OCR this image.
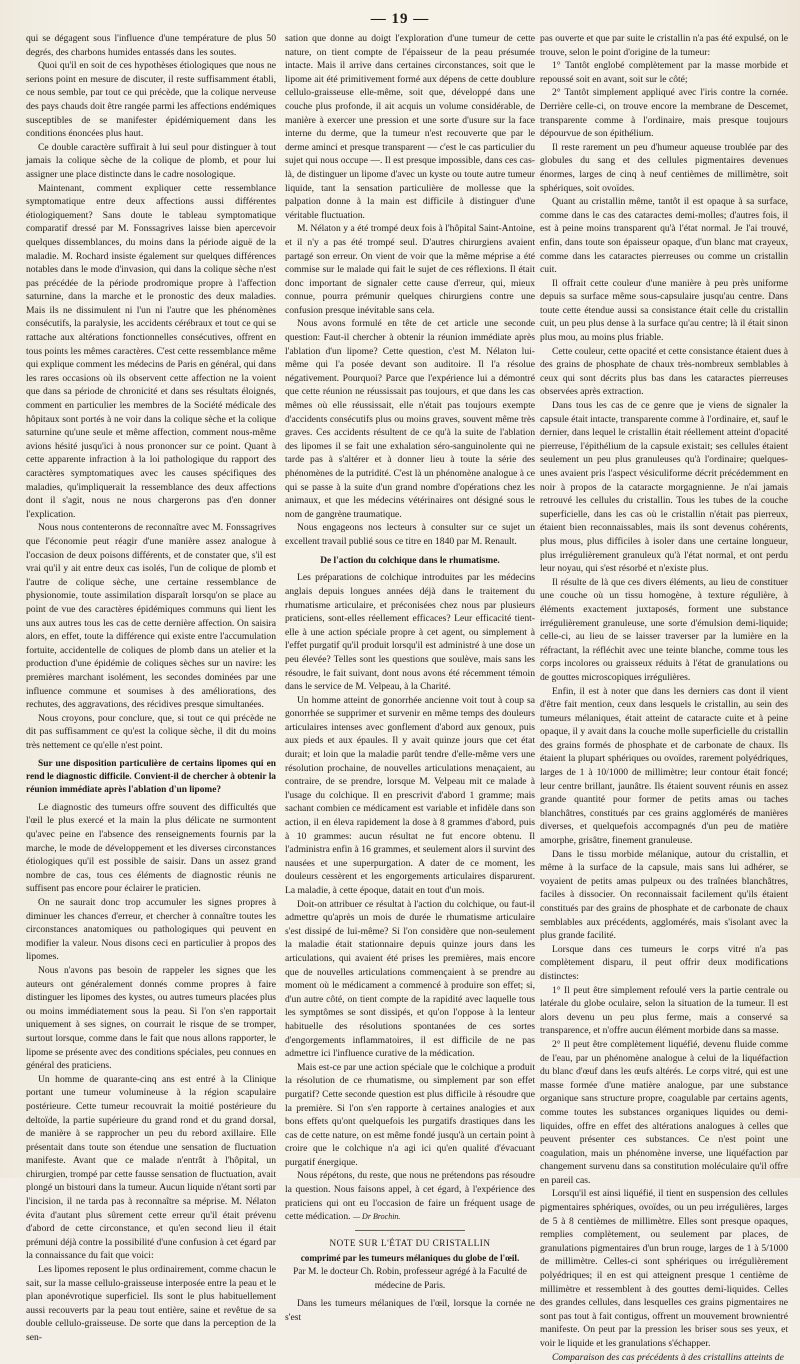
— 19 —

qui se dégagent sous l'influence d'une température de plus 50 degrés, des charbons humides entassés dans les soutes.

Quoi qu'il en soit de ces hypothèses étiologiques que nous ne serions point en mesure de discuter, il reste suffisamment établi, ce nous semble, par tout ce qui précède, que la colique nerveuse des pays chauds doit être rangée parmi les affections endémiques susceptibles de se manifester épidémiquement dans les conditions énoncées plus haut.

Ce double caractère suffirait à lui seul pour distinguer à tout jamais la colique sèche de la colique de plomb, et pour lui assigner une place distincte dans le cadre nosologique.

Maintenant, comment expliquer cette ressemblance symptomatique entre deux affections aussi différentes étiologiquement? Sans doute le tableau symptomatique comparatif dressé par M. Fonssagrives laisse bien apercevoir quelques dissemblances, du moins dans la période aiguë de la maladie. M. Rochard insiste également sur quelques différences notables dans le mode d'invasion, qui dans la colique sèche n'est pas précédée de la période prodromique propre à l'affection saturnine, dans la marche et le pronostic des deux maladies. Mais ils ne dissimulent ni l'un ni l'autre que les phénomènes consécutifs, la paralysie, les accidents cérébraux et tout ce qui se rattache aux altérations fonctionnelles consécutives, offrent en tous points les mêmes caractères. C'est cette ressemblance même qui explique comment les médecins de Paris en général, qui dans les rares occasions où ils observent cette affection ne la voient que dans sa période de chronicité et dans ses résultats éloignés, comment en particulier les membres de la Société médicale des hôpitaux sont portés à ne voir dans la colique sèche et la colique saturnine qu'une seule et même affection, comment nous-même avions hésité jusqu'ici à nous prononcer sur ce point. Quant à cette apparente infraction à la loi pathologique du rapport des caractères symptomatiques avec les causes spécifiques des maladies, qu'impliquerait la ressemblance des deux affections dont il s'agit, nous ne nous chargerons pas d'en donner l'explication.

Nous nous contenterons de reconnaître avec M. Fonssagrives que l'économie peut réagir d'une manière assez analogue à l'occasion de deux poisons différents, et de constater que, s'il est vrai qu'il y ait entre deux cas isolés, l'un de colique de plomb et l'autre de colique sèche, une certaine ressemblance de physionomie, toute assimilation disparaît lorsqu'on se place au point de vue des caractères épidémiques communs qui lient les uns aux autres tous les cas de cette dernière affection. On saisira alors, en effet, toute la différence qui existe entre l'accumulation fortuite, accidentelle de coliques de plomb dans un atelier et la production d'une épidémie de coliques sèches sur un navire: les premières marchant isolément, les secondes dominées par une influence commune et soumises à des améliorations, des rechutes, des aggravations, des récidives presque simultanées.

Nous croyons, pour conclure, que, si tout ce qui précède ne dit pas suffisamment ce qu'est la colique sèche, il dit du moins très nettement ce qu'elle n'est point.

Sur une disposition particulière de certains lipomes qui en rend le diagnostic difficile. Convient-il de chercher à obtenir la réunion immédiate après l'ablation d'un lipome?

Le diagnostic des tumeurs offre souvent des difficultés que l'œil le plus exercé et la main la plus délicate ne surmontent qu'avec peine en l'absence des renseignements fournis par la marche, le mode de développement et les diverses circonstances étiologiques qu'il est possible de saisir. Dans un assez grand nombre de cas, tous ces éléments de diagnostic réunis ne suffisent pas encore pour éclairer le praticien.

On ne saurait donc trop accumuler les signes propres à diminuer les chances d'erreur, et chercher à connaître toutes les circonstances anatomiques ou pathologiques qui peuvent en modifier la valeur. Nous disons ceci en particulier à propos des lipomes.

Nous n'avons pas besoin de rappeler les signes que les auteurs ont généralement donnés comme propres à faire distinguer les lipomes des kystes, ou autres tumeurs placées plus ou moins immédiatement sous la peau. Si l'on s'en rapportait uniquement à ses signes, on courrait le risque de se tromper, surtout lorsque, comme dans le fait que nous allons rapporter, le lipome se présente avec des conditions spéciales, peu connues en général des praticiens.

Un homme de quarante-cinq ans est entré à la Clinique portant une tumeur volumineuse à la région scapulaire postérieure. Cette tumeur recouvrait la moitié postérieure du deltoïde, la partie supérieure du grand rond et du grand dorsal, de manière à se rapprocher un peu du rebord axillaire. Elle présentait dans toute son étendue une sensation de fluctuation manifeste. Avant que ce malade n'entrât à l'hôpital, un chirurgien, trompé par cette fausse sensation de fluctuation, avait plongé un bistouri dans la tumeur. Aucun liquide n'étant sorti par l'incision, il ne tarda pas à reconnaître sa méprise. M. Nélaton évita d'autant plus sûrement cette erreur qu'il était prévenu d'abord de cette circonstance, et qu'en second lieu il était prémuni déjà contre la possibilité d'une confusion à cet égard par la connaissance du fait que voici:

Les lipomes reposent le plus ordinairement, comme chacun le sait, sur la masse cellulo-graisseuse interposée entre la peau et le plan aponévrotique superficiel. Ils sont le plus habituellement aussi recouverts par la peau tout entière, saine et revêtue de sa double cellulo-graisseuse. De sorte que dans la perception de la sen-

sation que donne au doigt l'exploration d'une tumeur de cette nature, on tient compte de l'épaisseur de la peau présumée intacte. Mais il arrive dans certaines circonstances, soit que le lipome ait été primitivement formé aux dépens de cette doublure cellulo-graisseuse elle-même, soit que, développé dans une couche plus profonde, il ait acquis un volume considérable, de manière à exercer une pression et une sorte d'usure sur la face interne du derme, que la tumeur n'est recouverte que par le derme aminci et presque transparent — c'est le cas particulier du sujet qui nous occupe —. Il est presque impossible, dans ces cas-là, de distinguer un lipome d'avec un kyste ou toute autre tumeur liquide, tant la sensation particulière de mollesse que la palpation donne à la main est difficile à distinguer d'une véritable fluctuation.

M. Nélaton y a été trompé deux fois à l'hôpital Saint-Antoine, et il n'y a pas été trompé seul. D'autres chirurgiens avaient partagé son erreur. On vient de voir que la même méprise a été commise sur le malade qui fait le sujet de ces réflexions. Il était donc important de signaler cette cause d'erreur, qui, mieux connue, pourra prémunir quelques chirurgiens contre une confusion presque inévitable sans cela.

Nous avons formulé en tête de cet article une seconde question: Faut-il chercher à obtenir la réunion immédiate après l'ablation d'un lipome? Cette question, c'est M. Nélaton lui-même qui l'a posée devant son auditoire. Il l'a résolue négativement. Pourquoi? Parce que l'expérience lui a démontré que cette réunion ne réussissait pas toujours, et que dans les cas mêmes où elle réussissait, elle n'était pas toujours exempte d'accidents consécutifs plus ou moins graves, souvent même très graves. Ces accidents résultent de ce qu'à la suite de l'ablation des lipomes il se fait une exhalation séro-sanguinolente qui ne tarde pas à s'altérer et à donner lieu à toute la série des phénomènes de la putridité. C'est là un phénomène analogue à ce qui se passe à la suite d'un grand nombre d'opérations chez les animaux, et que les médecins vétérinaires ont désigné sous le nom de gangrène traumatique.

Nous engageons nos lecteurs à consulter sur ce sujet un excellent travail publié sous ce titre en 1840 par M. Renault.

De l'action du colchique dans le rhumatisme.

Les préparations de colchique introduites par les médecins anglais depuis longues années déjà dans le traitement du rhumatisme articulaire, et préconisées chez nous par plusieurs praticiens, sont-elles réellement efficaces? Leur efficacité tient-elle à une action spéciale propre à cet agent, ou simplement à l'effet purgatif qu'il produit lorsqu'il est administré à une dose un peu élevée? Telles sont les questions que soulève, mais sans les résoudre, le fait suivant, dont nous avons été récemment témoin dans le service de M. Velpeau, à la Charité.

Un homme atteint de gonorrhée ancienne voit tout à coup sa gonorrhée se supprimer et survenir en même temps des douleurs articulaires intenses avec gonflement d'abord aux genoux, puis aux pieds et aux épaules. Il y avait quinze jours que cet état durait; et loin que la maladie parût tendre d'elle-même vers une résolution prochaine, de nouvelles articulations menaçaient, au contraire, de se prendre, lorsque M. Velpeau mit ce malade à l'usage du colchique. Il en prescrivit d'abord 1 gramme; mais sachant combien ce médicament est variable et infidèle dans son action, il en éleva rapidement la dose à 8 grammes d'abord, puis à 10 grammes: aucun résultat ne fut encore obtenu. Il l'administra enfin à 16 grammes, et seulement alors il survint des nausées et une superpurgation. A dater de ce moment, les douleurs cessèrent et les engorgements articulaires disparurent. La maladie, à cette époque, datait en tout d'un mois.

Doit-on attribuer ce résultat à l'action du colchique, ou faut-il admettre qu'après un mois de durée le rhumatisme articulaire s'est dissipé de lui-même? Si l'on considère que non-seulement la maladie était stationnaire depuis quinze jours dans les articulations, qui avaient été prises les premières, mais encore que de nouvelles articulations commençaient à se prendre au moment où le médicament a commencé à produire son effet; si, d'un autre côté, on tient compte de la rapidité avec laquelle tous les symptômes se sont dissipés, et qu'on l'oppose à la lenteur habituelle des résolutions spontanées de ces sortes d'engorgements inflammatoires, il est difficile de ne pas admettre ici l'influence curative de la médication.

Mais est-ce par une action spéciale que le colchique a produit la résolution de ce rhumatisme, ou simplement par son effet purgatif? Cette seconde question est plus difficile à résoudre que la première. Si l'on s'en rapporte à certaines analogies et aux bons effets qu'ont quelquefois les purgatifs drastiques dans les cas de cette nature, on est même fondé jusqu'à un certain point à croire que le colchique n'a agi ici qu'en qualité d'évacuant purgatif énergique.

Nous répétons, du reste, que nous ne prétendons pas résoudre la question. Nous faisons appel, à cet égard, à l'expérience des praticiens qui ont eu l'occasion de faire un fréquent usage de cette médication. — Dr Brochin.

NOTE SUR L'ÉTAT DU CRISTALLIN
comprimé par les tumeurs mélaniques du globe de l'œil.
Par M. le docteur Ch. Robin, professeur agrégé à la Faculté de médecine de Paris.

Dans les tumeurs mélaniques de l'œil, lorsque la cornée ne s'est

pas ouverte et que par suite le cristallin n'a pas été expulsé, on le trouve, selon le point d'origine de la tumeur:

1° Tantôt englobé complètement par la masse morbide et repoussé soit en avant, soit sur le côté;

2° Tantôt simplement appliqué avec l'iris contre la cornée. Derrière celle-ci, on trouve encore la membrane de Descemet, transparente comme à l'ordinaire, mais presque toujours dépourvue de son épithélium.

Il reste rarement un peu d'humeur aqueuse troublée par des globules du sang et des cellules pigmentaires devenues énormes, larges de cinq à neuf centièmes de millimètre, soit sphériques, soit ovoïdes.

Quant au cristallin même, tantôt il est opaque à sa surface, comme dans le cas des cataractes demi-molles; d'autres fois, il est à peine moins transparent qu'à l'état normal. Je l'ai trouvé, enfin, dans toute son épaisseur opaque, d'un blanc mat crayeux, comme dans les cataractes pierreuses ou comme un cristallin cuit.

Il offrait cette couleur d'une manière à peu près uniforme depuis sa surface même sous-capsulaire jusqu'au centre. Dans toute cette étendue aussi sa consistance était celle du cristallin cuit, un peu plus dense à la surface qu'au centre; là il était sinon plus mou, au moins plus friable.

Cette couleur, cette opacité et cette consistance étaient dues à des grains de phosphate de chaux très-nombreux semblables à ceux qui sont décrits plus bas dans les cataractes pierreuses observées après extraction.

Dans tous les cas de ce genre que je viens de signaler la capsule était intacte, transparente comme à l'ordinaire, et, sauf le dernier, dans lequel le cristallin était réellement atteint d'opacité pierreuse, l'épithélium de la capsule existait; ses cellules étaient seulement un peu plus granuleuses qu'à l'ordinaire; quelques-unes avaient pris l'aspect vésiculiforme décrit précédemment en noir à propos de la cataracte morgagnienne. Je n'ai jamais retrouvé les cellules du cristallin. Tous les tubes de la couche superficielle, dans les cas où le cristallin n'était pas pierreux, étaient bien reconnaissables, mais ils sont devenus cohérents, plus mous, plus difficiles à isoler dans une certaine longueur, plus irrégulièrement granuleux qu'à l'état normal, et ont perdu leur noyau, qui s'est résorbé et n'existe plus.

Il résulte de là que ces divers éléments, au lieu de constituer une couche où un tissu homogène, à texture régulière, à éléments exactement juxtaposés, forment une substance irrégulièrement granuleuse, une sorte d'émulsion demi-liquide; celle-ci, au lieu de se laisser traverser par la lumière en la réfractant, la réfléchit avec une teinte blanche, comme tous les corps incolores ou graisseux réduits à l'état de granulations ou de gouttes microscopiques irrégulières.

Enfin, il est à noter que dans les derniers cas dont il vient d'être fait mention, ceux dans lesquels le cristallin, au sein des tumeurs mélaniques, était atteint de cataracte cuite et à peine opaque, il y avait dans la couche molle superficielle du cristallin des grains formés de phosphate et de carbonate de chaux. Ils étaient la plupart sphériques ou ovoïdes, rarement polyédriques, larges de 1 à 10/1000 de millimètre; leur contour était foncé; leur centre brillant, jaunâtre. Ils étaient souvent réunis en assez grande quantité pour former de petits amas ou taches blanchâtres, constitués par ces grains agglomérés de manières diverses, et quelquefois accompagnés d'un peu de matière amorphe, grisâtre, finement granuleuse.

Dans le tissu morbide mélanique, autour du cristallin, et même à la surface de la capsule, mais sans lui adhérer, se voyaient de petits amas pulpeux ou des traînées blanchâtres, faciles à dissocier. On reconnaissait facilement qu'ils étaient constitués par des grains de phosphate et de carbonate de chaux semblables aux précédents, agglomérés, mais s'isolant avec la plus grande facilité.

Lorsque dans ces tumeurs le corps vitré n'a pas complètement disparu, il peut offrir deux modifications distinctes:

1° Il peut être simplement refoulé vers la partie centrale ou latérale du globe oculaire, selon la situation de la tumeur. Il est alors devenu un peu plus ferme, mais a conservé sa transparence, et n'offre aucun élément morbide dans sa masse.

2° Il peut être complètement liquéfié, devenu fluide comme de l'eau, par un phénomène analogue à celui de la liquéfaction du blanc d'œuf dans les œufs altérés. Le corps vitré, qui est une masse formée d'une matière analogue, par une substance organique sans structure propre, coagulable par certains agents, comme toutes les substances organiques liquides ou demi-liquides, offre en effet des altérations analogues à celles que peuvent présenter ces substances. Ce n'est point une coagulation, mais un phénomène inverse, une liquéfaction par changement survenu dans sa constitution moléculaire qu'il offre en pareil cas.

Lorsqu'il est ainsi liquéfié, il tient en suspension des cellules pigmentaires sphériques, ovoïdes, ou un peu irrégulières, larges de 5 à 8 centièmes de millimètre. Elles sont presque opaques, remplies complètement, ou seulement par places, de granulations pigmentaires d'un brun rouge, larges de 1 à 5/1000 de millimètre. Celles-ci sont sphériques ou irrégulièrement polyédriques; il en est qui atteignent presque 1 centième de millimètre et ressemblent à des gouttes demi-liquides. Celles des grandes cellules, dans lesquelles ces grains pigmentaires ne sont pas tout à fait contigus, offrent un mouvement brownientré manifeste. On peut par la pression les briser sous ses yeux, et voir le liquide et les granulations s'échapper.

Comparaison des cas précédents à des cristallins atteints de
